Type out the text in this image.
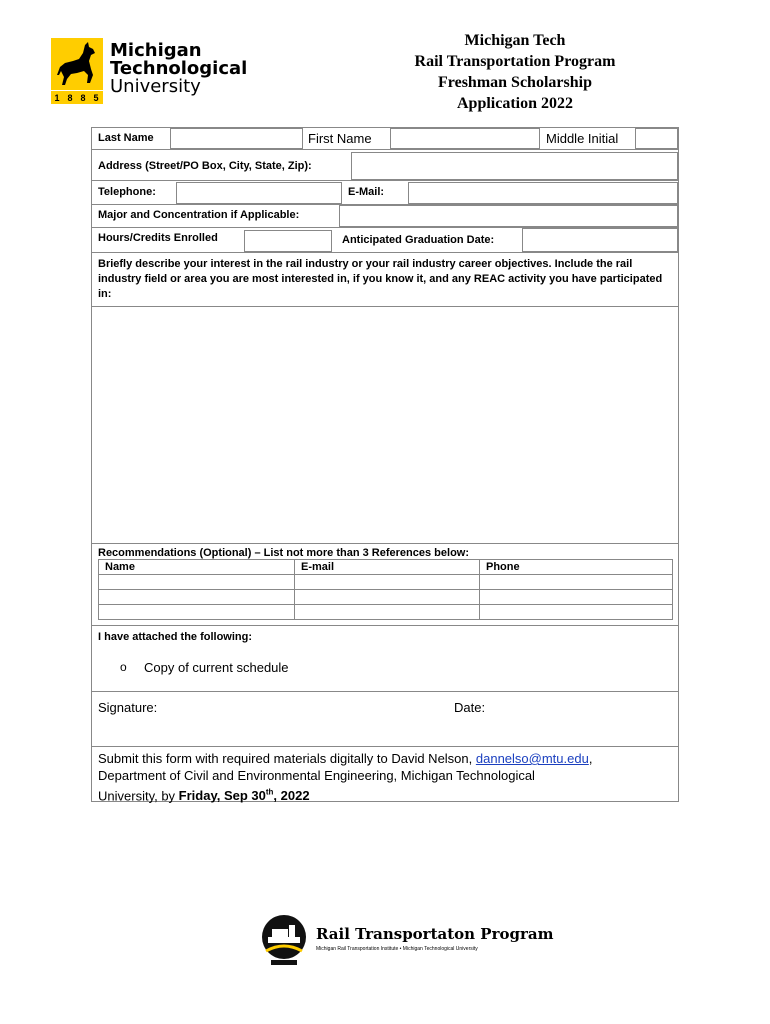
1 8 8 5
Michigan
Technological
University
Michigan Tech
Rail Transportation Program
Freshman Scholarship
Application 2022
Last Name	First Name	Middle Initial
Address (Street/PO Box, City, State, Zip):
Telephone:	E-Mail:
Major and Concentration if Applicable:
Hours/Credits Enrolled	Anticipated Graduation Date:
Briefly describe your interest in the rail industry or your rail industry career objectives. Include the rail industry field or area you are most interested in, if you know it, and any REAC activity you have participated in:
Recommendations (Optional) – List not more than 3 References below:
Name	E-mail	Phone

I have attached the following:
o Copy of current schedule
Signature:	Date:
Submit this form with required materials digitally to David Nelson, dannelso@mtu.edu,
Department of Civil and Environmental Engineering, Michigan Technological
University, by Friday, Sep 30th, 2022
Rail Transportaton Program
Michigan Rail Transportation Institute • Michigan Technological University
